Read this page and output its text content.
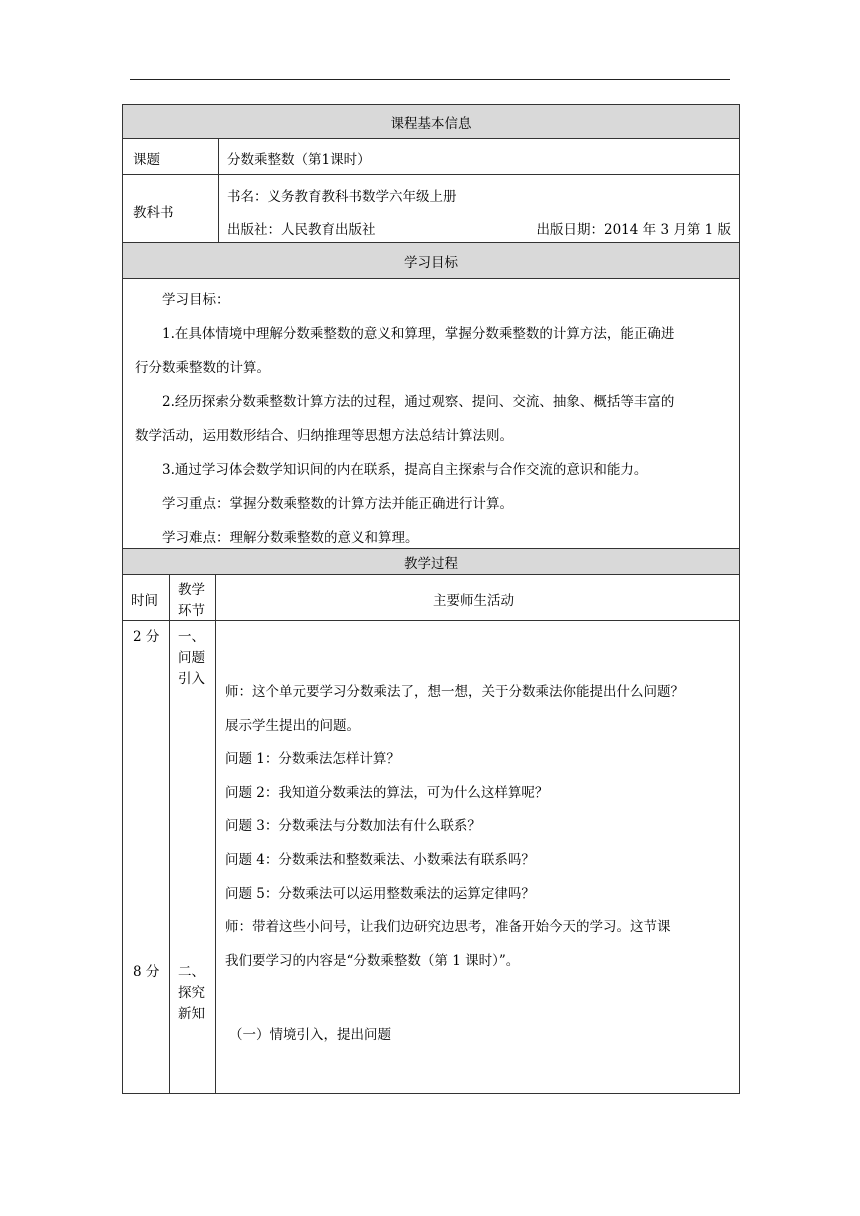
课程基本信息
课题	分数乘整数（第1课时）
教科书
书名：义务教育教科书数学六年级上册
出版社：人民教育出版社	出版日期：2014 年 3 月第 1 版
学习目标

学习目标：

1.在具体情境中理解分数乘整数的意义和算理，掌握分数乘整数的计算方法，能正确进

行分数乘整数的计算。

2.经历探索分数乘整数计算方法的过程，通过观察、提问、交流、抽象、概括等丰富的

数学活动，运用数形结合、归纳推理等思想方法总结计算法则。

3.通过学习体会数学知识间的内在联系，提高自主探索与合作交流的意识和能力。

学习重点：掌握分数乘整数的计算方法并能正确进行计算。

学习难点：理解分数乘整数的意义和算理。

教学过程
时间
教学
环节
主要师生活动
2 分 一、
问题
引入
8 分 二、
探究
新知
师：这个单元要学习分数乘法了，想一想，关于分数乘法你能提出什么问题？
展示学生提出的问题。
问题 1：分数乘法怎样计算？
问题 2：我知道分数乘法的算法，可为什么这样算呢？
问题 3：分数乘法与分数加法有什么联系？
问题 4：分数乘法和整数乘法、小数乘法有联系吗？
问题 5：分数乘法可以运用整数乘法的运算定律吗？
师：带着这些小问号，让我们边研究边思考，准备开始今天的学习。这节课
我们要学习的内容是“分数乘整数（第 1 课时）”。
（一）情境引入，提出问题
